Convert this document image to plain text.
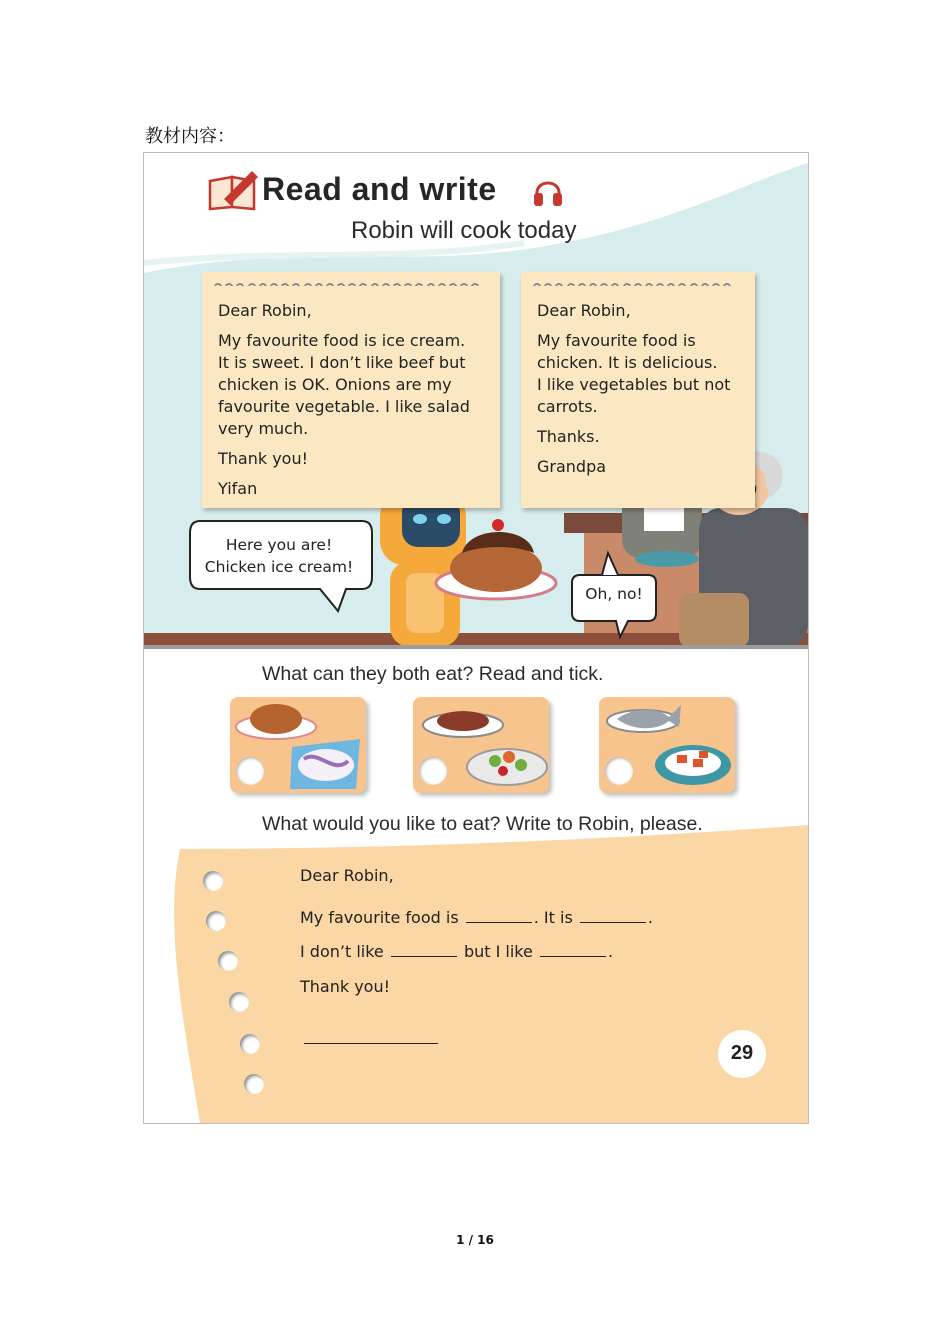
教材内容：
Read and write
Robin will cook today

Dear Robin,

My favourite food is ice cream.

It is sweet. I don’t like beef but

chicken is OK. Onions are my

favourite vegetable. I like salad

very much.

Thank you!

Yifan

Dear Robin,

My favourite food is

chicken. It is delicious.

I like vegetables but not

carrots.

Thanks.

Grandpa

Here you are!
Chicken ice cream!
Oh, no!
What can they both eat? Read and tick.
What would you like to eat? Write to Robin, please.
Dear Robin,
My favourite food is	. It is	.
I don’t like	but I like	.
Thank you!
29
1 / 16
